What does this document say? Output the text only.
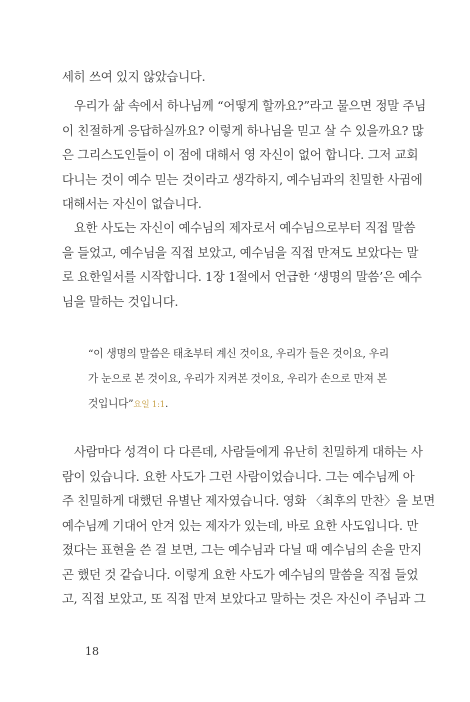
세히 쓰여 있지 않았습니다.

우리가 삶 속에서 하나님께 “어떻게 할까요?”라고 물으면 정말 주님
이 친절하게 응답하실까요? 이렇게 하나님을 믿고 살 수 있을까요? 많
은 그리스도인들이 이 점에 대해서 영 자신이 없어 합니다. 그저 교회
다니는 것이 예수 믿는 것이라고 생각하지, 예수님과의 친밀한 사귐에
대해서는 자신이 없습니다.

요한 사도는 자신이 예수님의 제자로서 예수님으로부터 직접 말씀
을 들었고, 예수님을 직접 보았고, 예수님을 직접 만져도 보았다는 말
로 요한일서를 시작합니다. 1장 1절에서 언급한 ‘생명의 말씀’은 예수
님을 말하는 것입니다.

“이 생명의 말씀은 태초부터 계신 것이요, 우리가 들은 것이요, 우리
가 눈으로 본 것이요, 우리가 지켜본 것이요, 우리가 손으로 만져 본
것입니다”요일 1:1.

사람마다 성격이 다 다른데, 사람들에게 유난히 친밀하게 대하는 사
람이 있습니다. 요한 사도가 그런 사람이었습니다. 그는 예수님께 아
주 친밀하게 대했던 유별난 제자였습니다. 영화 〈최후의 만찬〉을 보면
예수님께 기대어 안겨 있는 제자가 있는데, 바로 요한 사도입니다. 만
졌다는 표현을 쓴 걸 보면, 그는 예수님과 다닐 때 예수님의 손을 만지
곤 했던 것 같습니다. 이렇게 요한 사도가 예수님의 말씀을 직접 들었
고, 직접 보았고, 또 직접 만져 보았다고 말하는 것은 자신이 주님과 그

18
